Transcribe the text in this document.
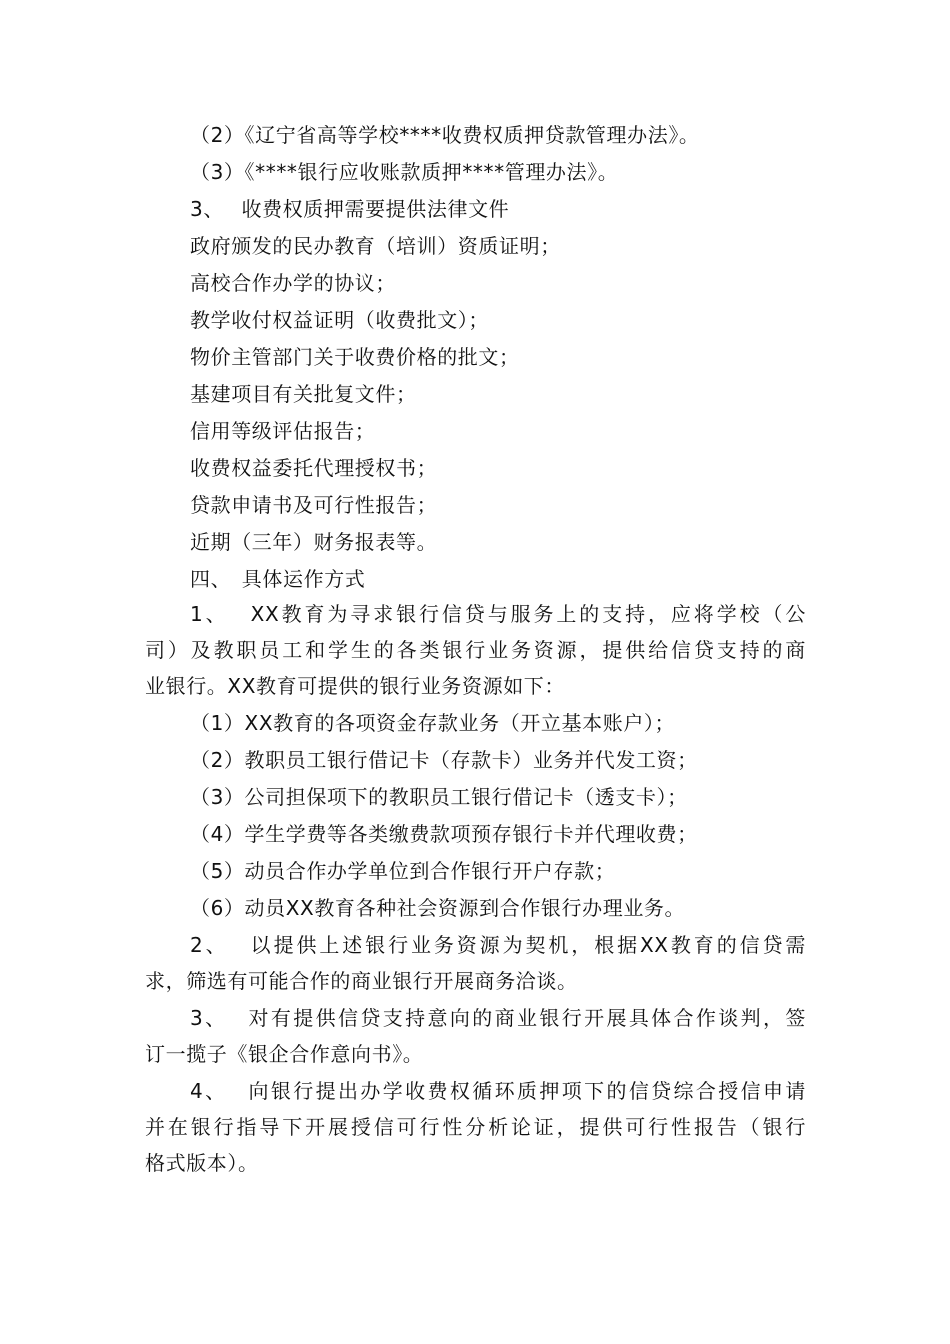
（2）《辽宁省高等学校****收费权质押贷款管理办法》。
（3）《****银行应收账款质押****管理办法》。
3、　 收费权质押需要提供法律文件
政府颁发的民办教育（培训）资质证明；
高校合作办学的协议；
教学收付权益证明（收费批文）；
物价主管部门关于收费价格的批文；
基建项目有关批复文件；
信用等级评估报告；
收费权益委托代理授权书；
贷款申请书及可行性报告；
近期（三年）财务报表等。
四、　具体运作方式
1、　 XX教育为寻求银行信贷与服务上的支持，应将学校（公
司）及教职员工和学生的各类银行业务资源，提供给信贷支持的商
业银行。XX教育可提供的银行业务资源如下：
（1）XX教育的各项资金存款业务（开立基本账户）；
（2）教职员工银行借记卡（存款卡）业务并代发工资；
（3）公司担保项下的教职员工银行借记卡（透支卡）；
（4）学生学费等各类缴费款项预存银行卡并代理收费；
（5）动员合作办学单位到合作银行开户存款；
（6）动员XX教育各种社会资源到合作银行办理业务。
2、　 以提供上述银行业务资源为契机，根据XX教育的信贷需
求，筛选有可能合作的商业银行开展商务洽谈。
3、　 对有提供信贷支持意向的商业银行开展具体合作谈判，签
订一揽子《银企合作意向书》。
4、　 向银行提出办学收费权循环质押项下的信贷综合授信申请
并在银行指导下开展授信可行性分析论证，提供可行性报告（银行
格式版本）。
